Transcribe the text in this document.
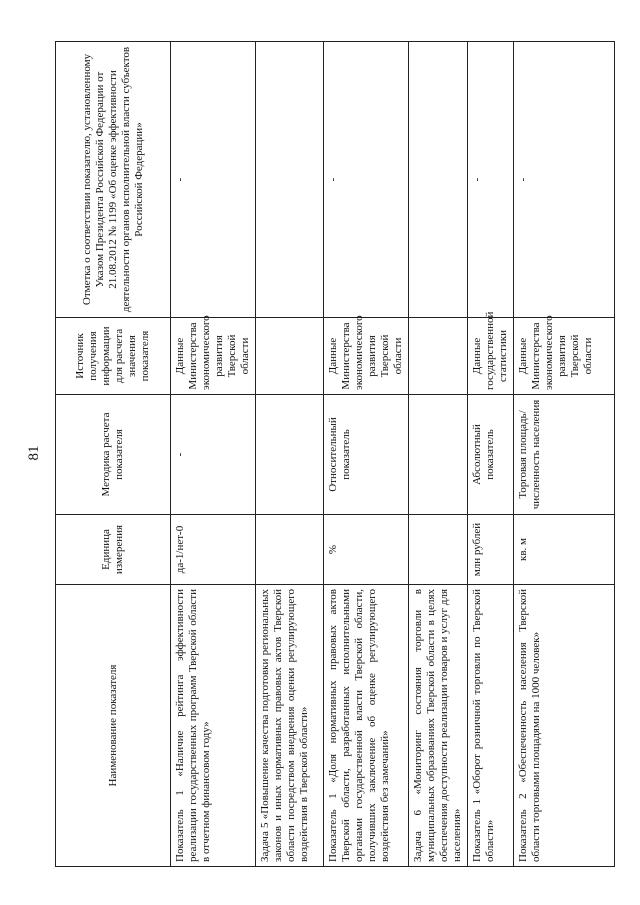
81
Наименование показателя	Единица измерения	Методика расчета показателя	Источник получения информации для расчета значения показателя	Отметка о соответствии показателю, установленному Указом Президента Российской Федерации от 21.08.2012 № 1199 «Об оценке эффективности деятельности органов исполнительной власти субъектов Российской Федерации»
Показатель 1 «Наличие рейтинга эффективности реализации государственных программ Тверской области в отчетном финансовом году»	да-1/нет-0	-	Данные Министерства экономического развития Тверской области	-
Задача 5 «Повышение качества подготовки региональных законов и иных нормативных правовых актов Тверской области посредством внедрения оценки регулирующего воздействия в Тверской области»				
Показатель 1 «Доля нормативных правовых актов Тверской области, разработанных исполнительными органами государственной власти Тверской области, получивших заключение об оценке регулирующего воздействия без замечаний»	%	Относительный показатель	Данные Министерства экономического развития Тверской области	-
Задача 6 «Мониторинг состояния торговли в муниципальных образованиях Тверской области в целях обеспечения доступности реализации товаров и услуг для населения»				
Показатель 1 «Оборот розничной торговли по Тверской области»	млн рублей	Абсолютный показатель	Данные государственной статистики	-
Показатель 2 «Обеспеченность населения Тверской области торговыми площадями на 1000 человек»	кв. м	Торговая площадь/ численность населения	Данные Министерства экономического развития Тверской области	-
